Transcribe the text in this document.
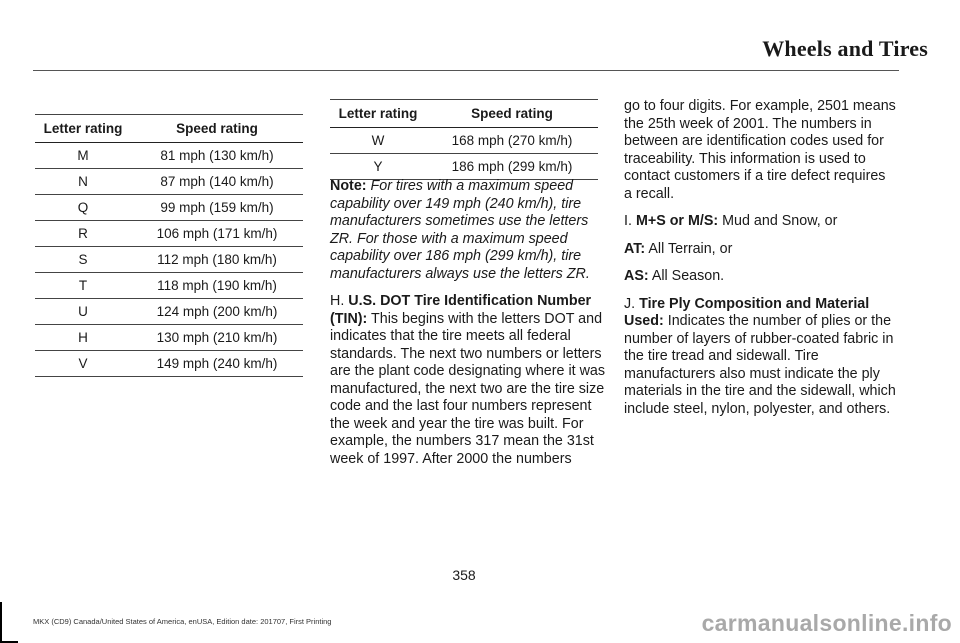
Wheels and Tires
Letter rating	Speed rating
M	81 mph (130 km/h)
N	87 mph (140 km/h)
Q	99 mph (159 km/h)
R	106 mph (171 km/h)
S	112 mph (180 km/h)
T	118 mph (190 km/h)
U	124 mph (200 km/h)
H	130 mph (210 km/h)
V	149 mph (240 km/h)
Letter rating	Speed rating
W	168 mph (270 km/h)
Y	186 mph (299 km/h)

Note: For tires with a maximum speed capability over 149 mph (240 km/h), tire manufacturers sometimes use the letters ZR. For those with a maximum speed capability over 186 mph (299 km/h), tire manufacturers always use the letters ZR.

H. U.S. DOT Tire Identification Number (TIN): This begins with the letters DOT and indicates that the tire meets all federal standards. The next two numbers or letters are the plant code designating where it was manufactured, the next two are the tire size code and the last four numbers represent the week and year the tire was built. For example, the numbers 317 mean the 31st week of 1997. After 2000 the numbers

go to four digits. For example, 2501 means the 25th week of 2001. The numbers in between are identification codes used for traceability. This information is used to contact customers if a tire defect requires a recall.

I. M+S or M/S: Mud and Snow, or

AT: All Terrain, or

AS: All Season.

J. Tire Ply Composition and Material Used: Indicates the number of plies or the number of layers of rubber-coated fabric in the tire tread and sidewall. Tire manufacturers also must indicate the ply materials in the tire and the sidewall, which include steel, nylon, polyester, and others.

358
MKX (CD9) Canada/United States of America, enUSA, Edition date: 201707, First Printing	carmanualsonline.info
